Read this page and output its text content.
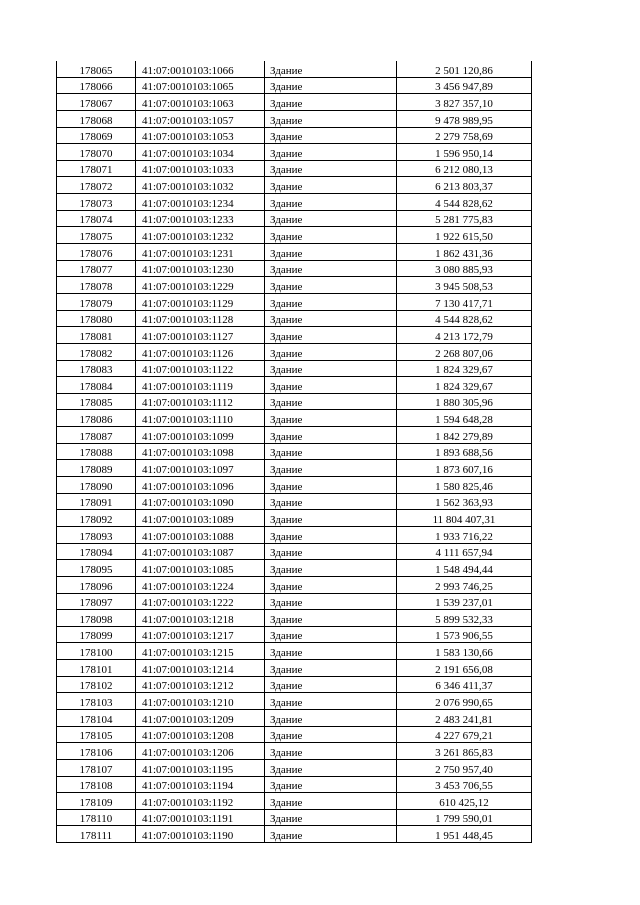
178065	41:07:0010103:1066	Здание	2 501 120,86
178066	41:07:0010103:1065	Здание	3 456 947,89
178067	41:07:0010103:1063	Здание	3 827 357,10
178068	41:07:0010103:1057	Здание	9 478 989,95
178069	41:07:0010103:1053	Здание	2 279 758,69
178070	41:07:0010103:1034	Здание	1 596 950,14
178071	41:07:0010103:1033	Здание	6 212 080,13
178072	41:07:0010103:1032	Здание	6 213 803,37
178073	41:07:0010103:1234	Здание	4 544 828,62
178074	41:07:0010103:1233	Здание	5 281 775,83
178075	41:07:0010103:1232	Здание	1 922 615,50
178076	41:07:0010103:1231	Здание	1 862 431,36
178077	41:07:0010103:1230	Здание	3 080 885,93
178078	41:07:0010103:1229	Здание	3 945 508,53
178079	41:07:0010103:1129	Здание	7 130 417,71
178080	41:07:0010103:1128	Здание	4 544 828,62
178081	41:07:0010103:1127	Здание	4 213 172,79
178082	41:07:0010103:1126	Здание	2 268 807,06
178083	41:07:0010103:1122	Здание	1 824 329,67
178084	41:07:0010103:1119	Здание	1 824 329,67
178085	41:07:0010103:1112	Здание	1 880 305,96
178086	41:07:0010103:1110	Здание	1 594 648,28
178087	41:07:0010103:1099	Здание	1 842 279,89
178088	41:07:0010103:1098	Здание	1 893 688,56
178089	41:07:0010103:1097	Здание	1 873 607,16
178090	41:07:0010103:1096	Здание	1 580 825,46
178091	41:07:0010103:1090	Здание	1 562 363,93
178092	41:07:0010103:1089	Здание	11 804 407,31
178093	41:07:0010103:1088	Здание	1 933 716,22
178094	41:07:0010103:1087	Здание	4 111 657,94
178095	41:07:0010103:1085	Здание	1 548 494,44
178096	41:07:0010103:1224	Здание	2 993 746,25
178097	41:07:0010103:1222	Здание	1 539 237,01
178098	41:07:0010103:1218	Здание	5 899 532,33
178099	41:07:0010103:1217	Здание	1 573 906,55
178100	41:07:0010103:1215	Здание	1 583 130,66
178101	41:07:0010103:1214	Здание	2 191 656,08
178102	41:07:0010103:1212	Здание	6 346 411,37
178103	41:07:0010103:1210	Здание	2 076 990,65
178104	41:07:0010103:1209	Здание	2 483 241,81
178105	41:07:0010103:1208	Здание	4 227 679,21
178106	41:07:0010103:1206	Здание	3 261 865,83
178107	41:07:0010103:1195	Здание	2 750 957,40
178108	41:07:0010103:1194	Здание	3 453 706,55
178109	41:07:0010103:1192	Здание	610 425,12
178110	41:07:0010103:1191	Здание	1 799 590,01
178111	41:07:0010103:1190	Здание	1 951 448,45
